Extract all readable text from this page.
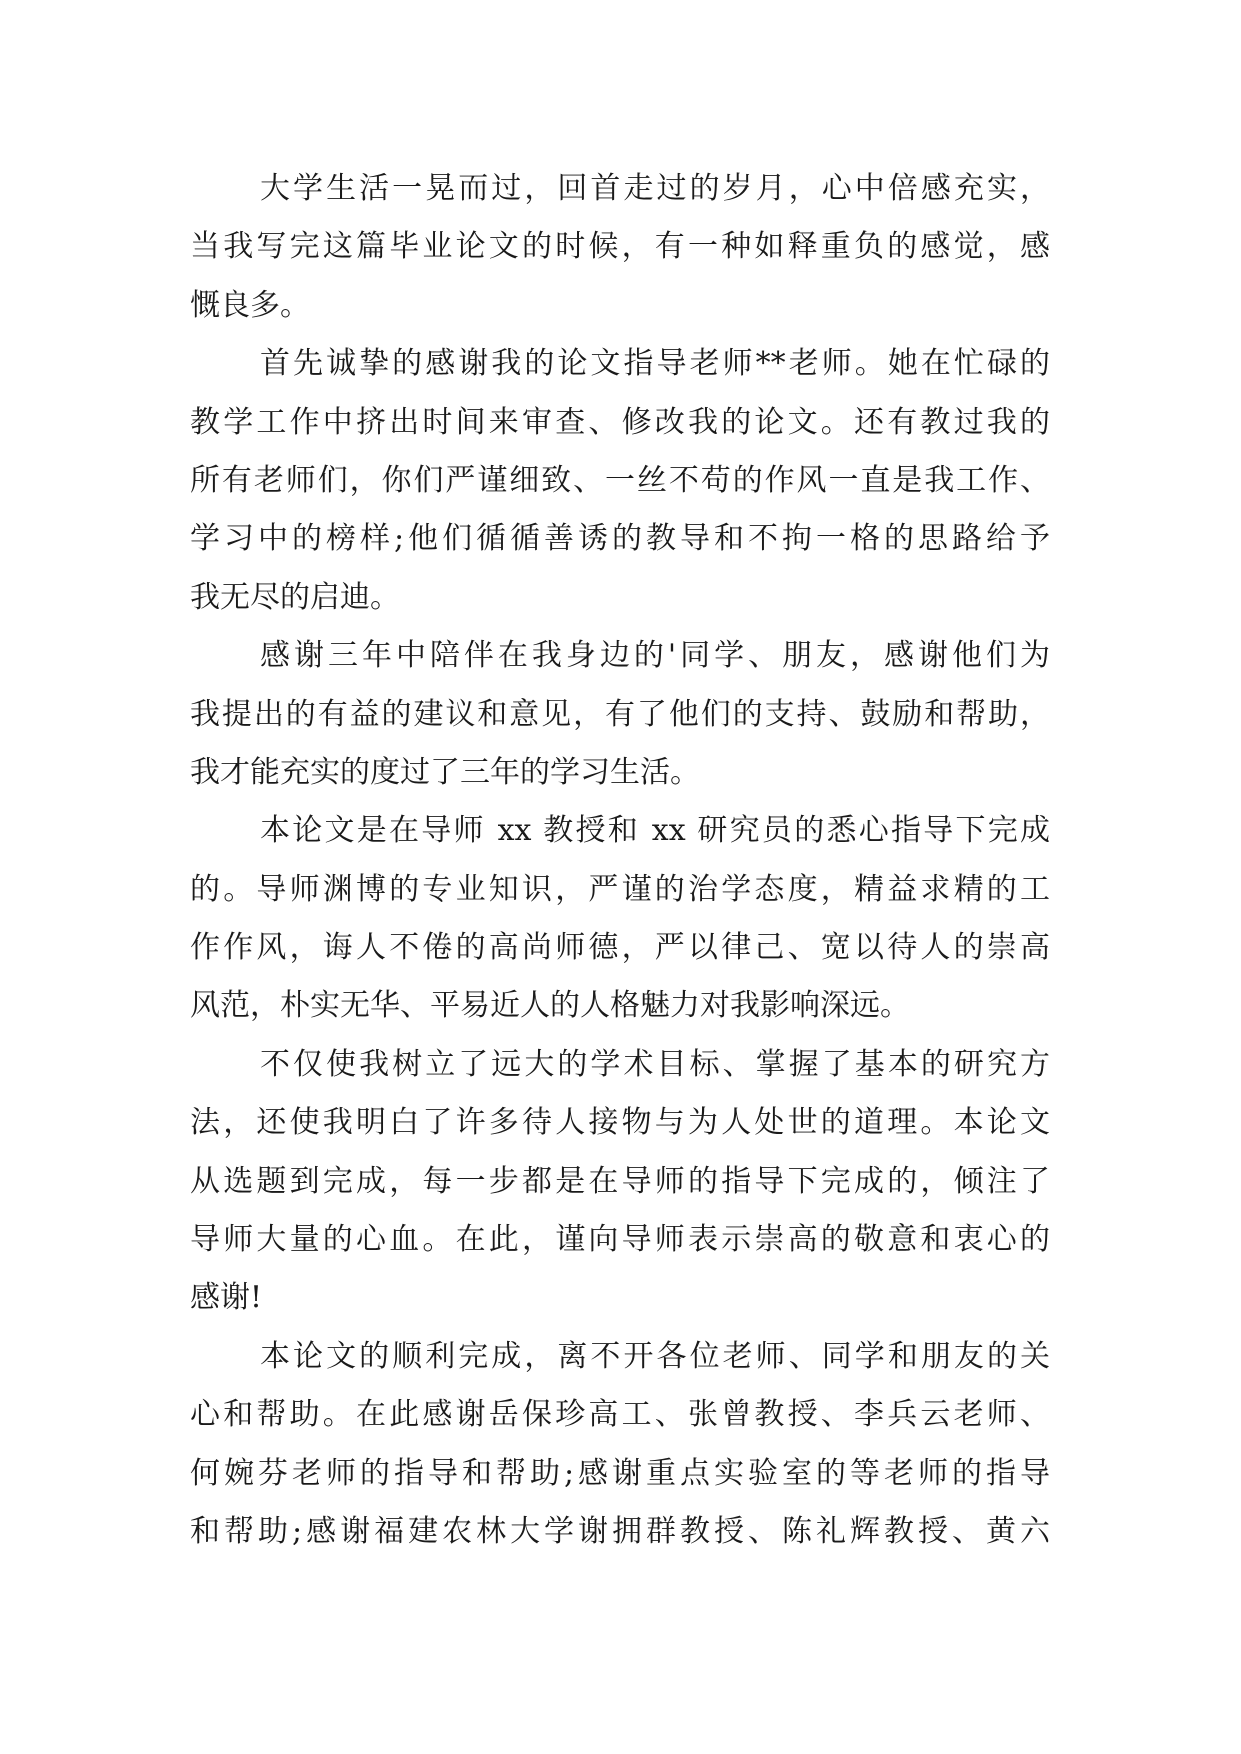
大学生活一晃而过，回首走过的岁月，心中倍感充实，
当我写完这篇毕业论文的时候，有一种如释重负的感觉，感
慨良多。
首先诚挚的感谢我的论文指导老师**老师。她在忙碌的
教学工作中挤出时间来审查、修改我的论文。还有教过我的
所有老师们，你们严谨细致、一丝不苟的作风一直是我工作、
学习中的榜样;他们循循善诱的教导和不拘一格的思路给予
我无尽的启迪。
感谢三年中陪伴在我身边的'同学、朋友，感谢他们为
我提出的有益的建议和意见，有了他们的支持、鼓励和帮助，
我才能充实的度过了三年的学习生活。
本论文是在导师 xx 教授和 xx 研究员的悉心指导下完成
的。导师渊博的专业知识，严谨的治学态度，精益求精的工
作作风，诲人不倦的高尚师德，严以律己、宽以待人的崇高
风范，朴实无华、平易近人的人格魅力对我影响深远。
不仅使我树立了远大的学术目标、掌握了基本的研究方
法，还使我明白了许多待人接物与为人处世的道理。本论文
从选题到完成，每一步都是在导师的指导下完成的，倾注了
导师大量的心血。在此，谨向导师表示崇高的敬意和衷心的
感谢!
本论文的顺利完成，离不开各位老师、同学和朋友的关
心和帮助。在此感谢岳保珍高工、张曾教授、李兵云老师、
何婉芬老师的指导和帮助;感谢重点实验室的等老师的指导
和帮助;感谢福建农林大学谢拥群教授、陈礼辉教授、黄六
